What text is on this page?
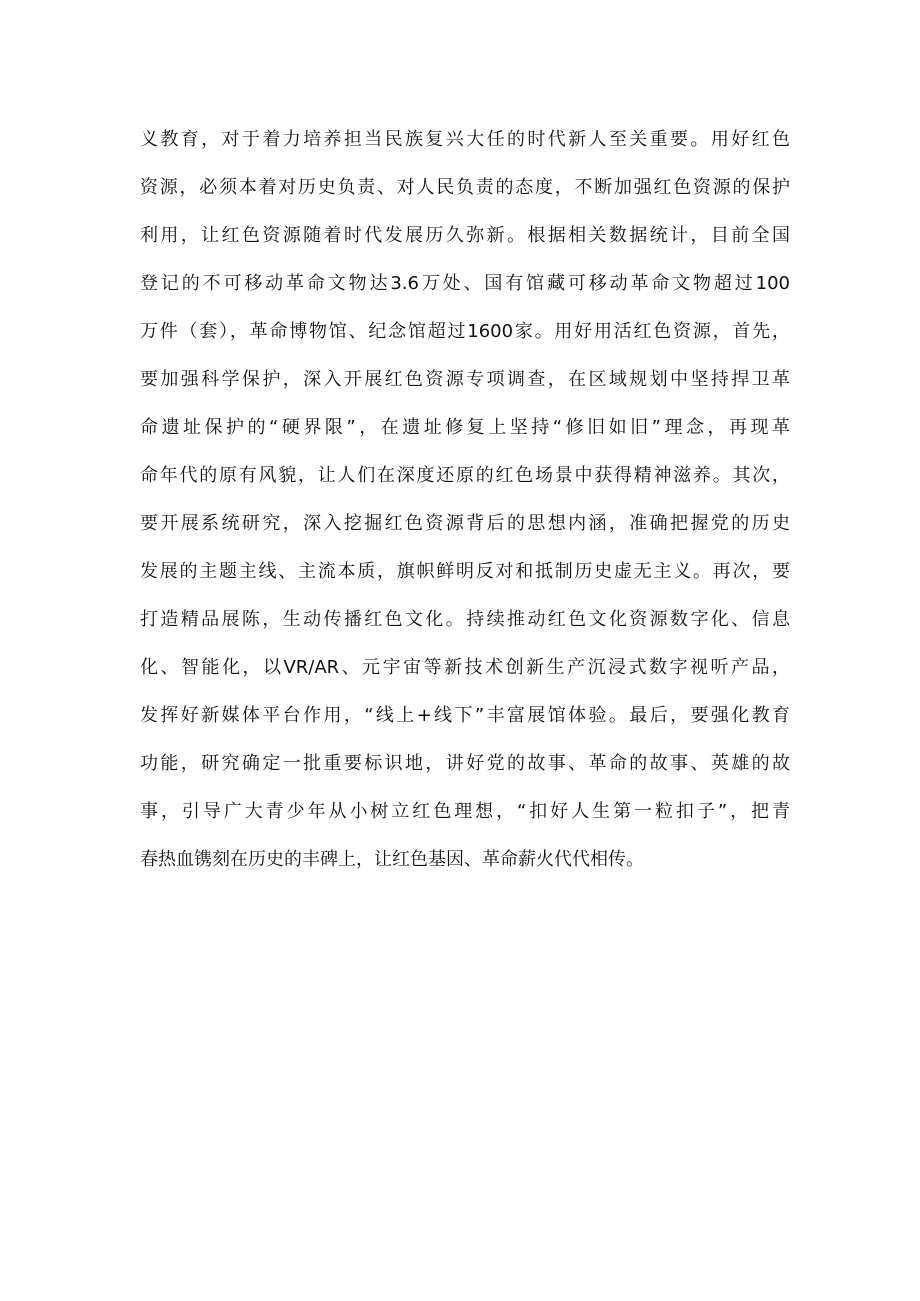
义教育，对于着力培养担当民族复兴大任的时代新人至关重要。用好红色
资源，必须本着对历史负责、对人民负责的态度，不断加强红色资源的保护
利用，让红色资源随着时代发展历久弥新。根据相关数据统计，目前全国
登记的不可移动革命文物达3.6万处、国有馆藏可移动革命文物超过100
万件（套），革命博物馆、纪念馆超过1600家。用好用活红色资源，首先，
要加强科学保护，深入开展红色资源专项调查，在区域规划中坚持捍卫革
命遗址保护的“硬界限”，在遗址修复上坚持“修旧如旧”理念，再现革
命年代的原有风貌，让人们在深度还原的红色场景中获得精神滋养。其次，
要开展系统研究，深入挖掘红色资源背后的思想内涵，准确把握党的历史
发展的主题主线、主流本质，旗帜鲜明反对和抵制历史虚无主义。再次，要
打造精品展陈，生动传播红色文化。持续推动红色文化资源数字化、信息
化、智能化，以VR/AR、元宇宙等新技术创新生产沉浸式数字视听产品，
发挥好新媒体平台作用，“线上+线下”丰富展馆体验。最后，要强化教育
功能，研究确定一批重要标识地，讲好党的故事、革命的故事、英雄的故
事，引导广大青少年从小树立红色理想，“扣好人生第一粒扣子”，把青
春热血镌刻在历史的丰碑上，让红色基因、革命薪火代代相传。
